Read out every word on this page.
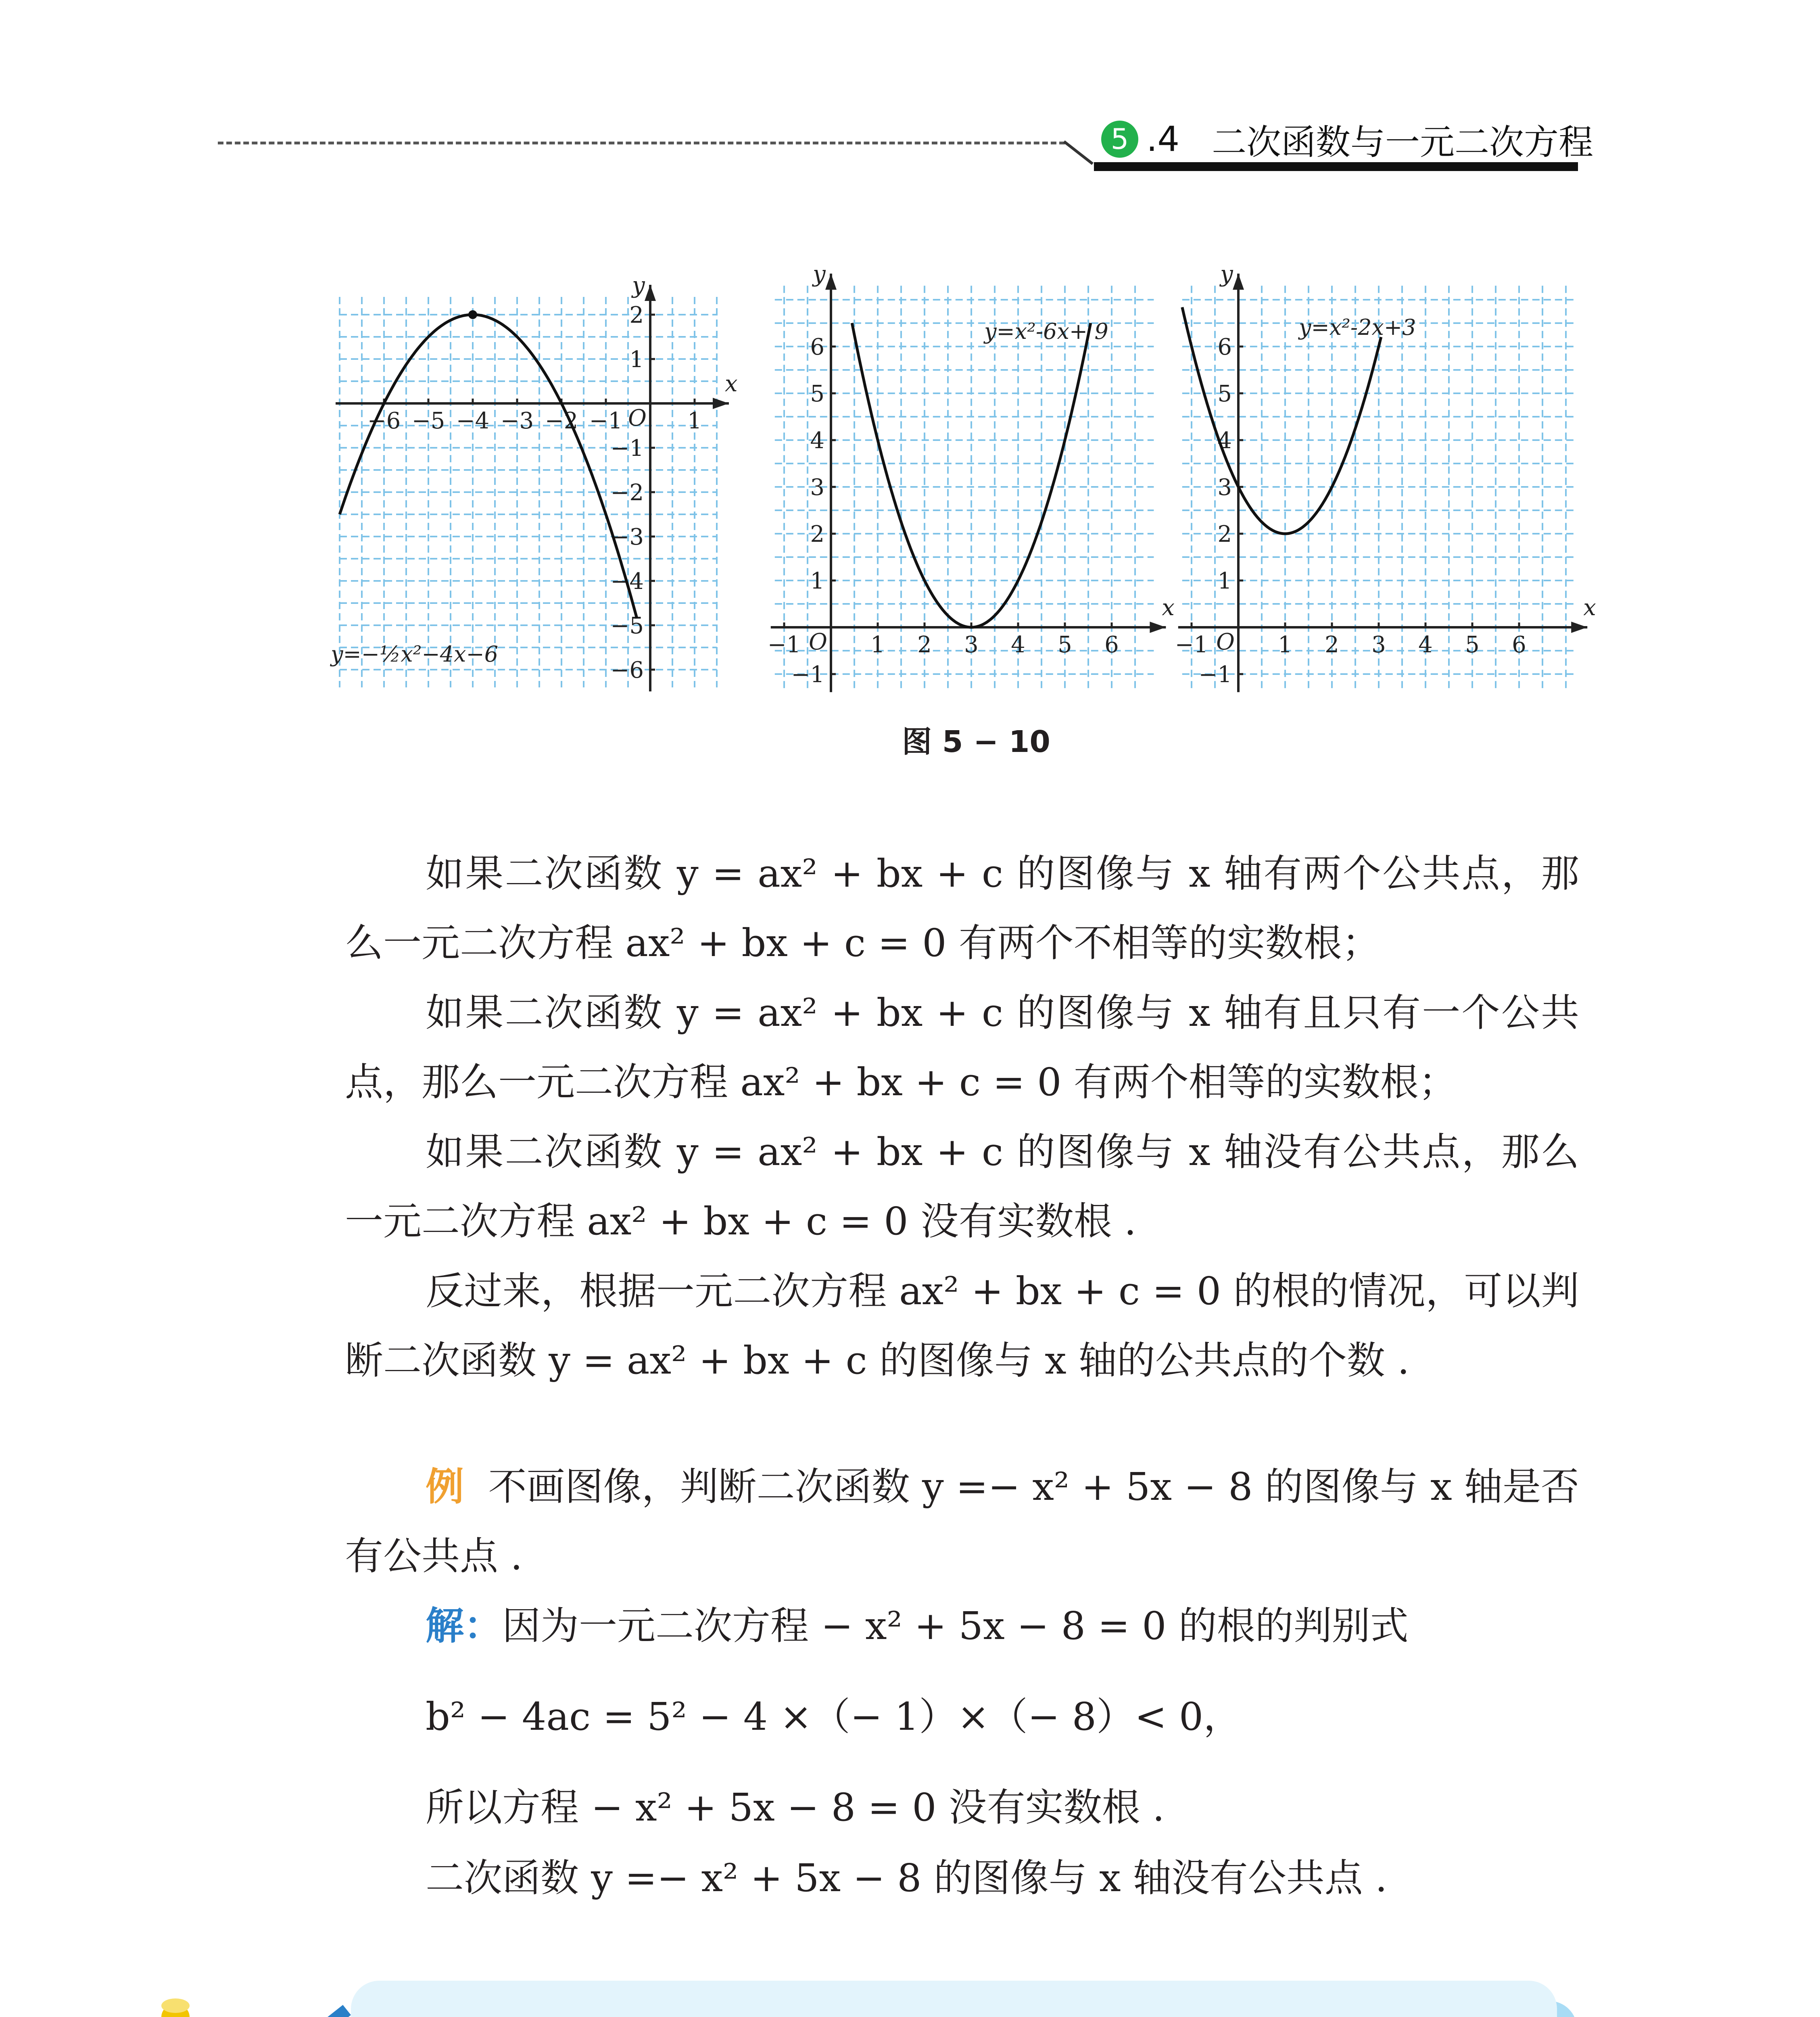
5 .4 二次函数与一元二次方程
x
y
O
−6 −5 −4 −3 −2 −1	1
2
1
−1
−2
−3
−4
−5
−6
y=−½x²−4x−6
x
y
O
−1	1 2 3 4 5 6
6
5
4
3
2
1
−1
y=x²-6x+ 9
x
y
O
−1	1 2 3 4 5 6
6
5
4
3
2
1
−1
y=x²-2x+3
图 5 − 10

如果二次函数 y = ax² + bx + c 的图像与 x 轴有两个公共点，那么一元二次方程 ax² + bx + c = 0 有两个不相等的实数根；

如果二次函数 y = ax² + bx + c 的图像与 x 轴有且只有一个公共点，那么一元二次方程 ax² + bx + c = 0 有两个相等的实数根；

如果二次函数 y = ax² + bx + c 的图像与 x 轴没有公共点，那么一元二次方程 ax² + bx + c = 0 没有实数根 .

反过来，根据一元二次方程 ax² + bx + c = 0 的根的情况，可以判断二次函数 y = ax² + bx + c 的图像与 x 轴的公共点的个数 .

例 不画图像，判断二次函数 y =− x² + 5x − 8 的图像与 x 轴是否有公共点 .

解：因为一元二次方程 − x² + 5x − 8 = 0 的根的判别式

b² − 4ac = 5² − 4 ×（− 1）×（− 8）< 0，

所以方程 − x² + 5x − 8 = 0 没有实数根 .

二次函数 y =− x² + 5x − 8 的图像与 x 轴没有公共点 .
